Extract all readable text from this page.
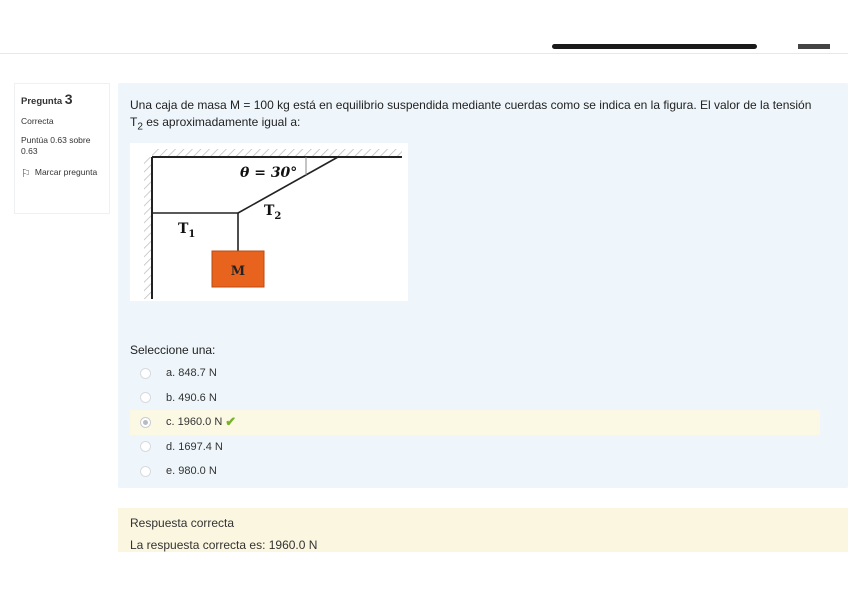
Pregunta 3
Correcta
Puntúa 0.63 sobre 0.63
⚐ Marcar pregunta
Una caja de masa M = 100 kg está en equilibrio suspendida mediante cuerdas como se indica en la figura. El valor de la tensión
$T_2$ es aproximadamente igual a:
θ = 30°
$T_2$
$T_1$
M
Seleccione una:
a. 848.7 N
b. 490.6 N
c. 1960.0 N ✔
d. 1697.4 N
e. 980.0 N
Respuesta correcta
La respuesta correcta es: 1960.0 N
